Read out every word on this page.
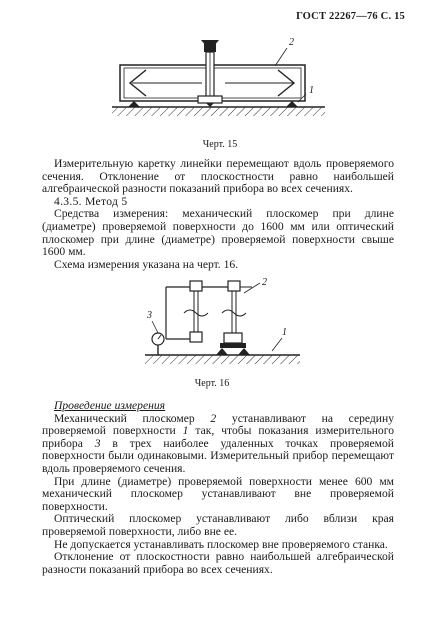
ГОСТ 22267—76 С. 15
2
1
Черт. 15

Измерительную каретку линейки перемещают вдоль проверяемого сечения. Отклонение от плоскостности равно наибольшей алгебраической разности показаний прибора во всех сечениях.

4.3.5. Метод 5

Средства измерения: механический плоскомер при длине (диаметре) проверяемой поверхности до 1600 мм или оптический плоскомер при длине (диаметре) проверяемой поверхности свыше 1600 мм.

Схема измерения указана на черт. 16.

2
3
1
Черт. 16

Проведение измерения

Механический плоскомер 2 устанавливают на середину проверяемой поверхности 1 так, чтобы показания измерительного прибора 3 в трех наиболее удаленных точках проверяемой поверхности были одинаковыми. Измерительный прибор перемещают вдоль проверяемого сечения.

При длине (диаметре) проверяемой поверхности менее 600 мм механический плоскомер устанавливают вне проверяемой поверхности.

Оптический плоскомер устанавливают либо вблизи края проверяемой поверхности, либо вне ее.

Не допускается устанавливать плоскомер вне проверяемого станка.

Отклонение от плоскостности равно наибольшей алгебраической разности показаний прибора во всех сечениях.
